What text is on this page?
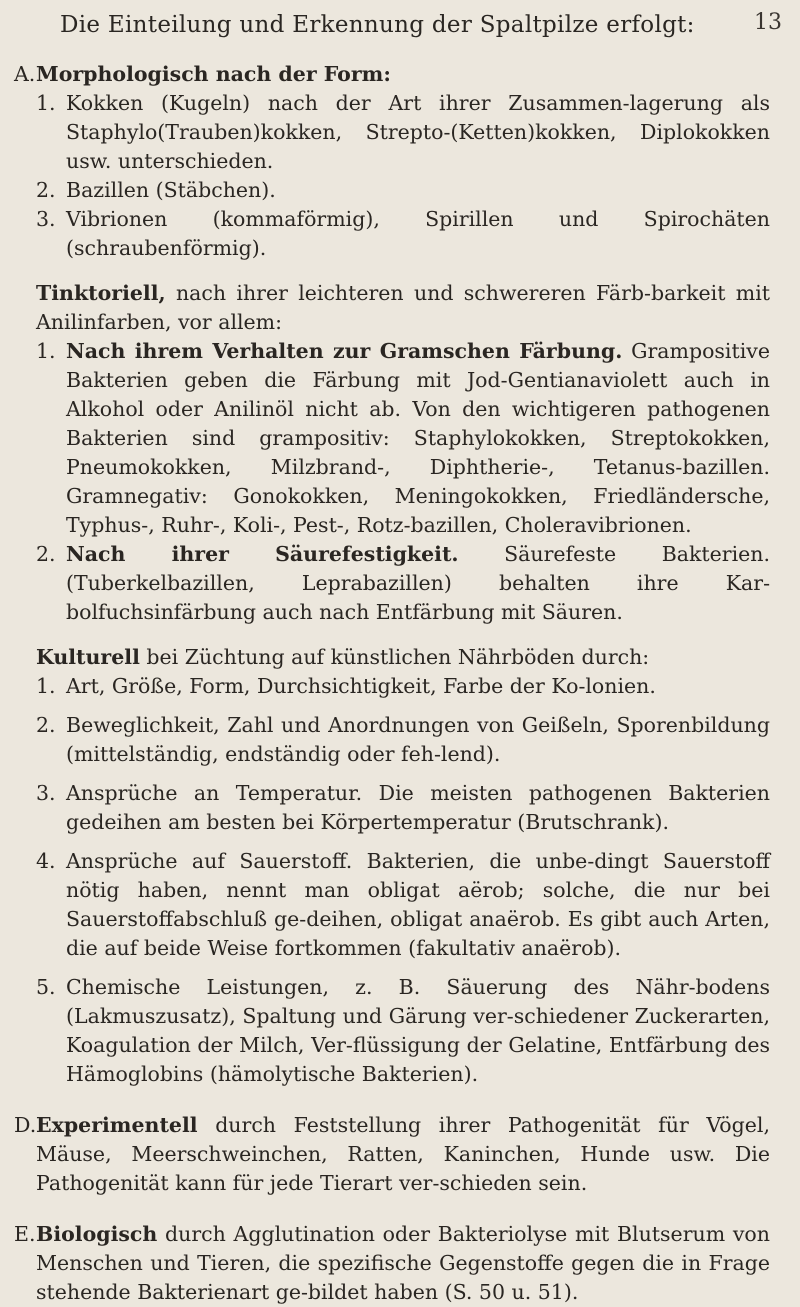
13
Die Einteilung und Erkennung der Spaltpilze erfolgt:
A. Morphologisch nach der Form:

1. Kokken (Kugeln) nach der Art ihrer Zusammen-lagerung als Staphylo(Trauben)kokken, Strepto-(Ketten)kokken, Diplokokken usw. unterschieden.

2. Bazillen (Stäbchen).

3. Vibrionen (kommaförmig), Spirillen und Spirochäten (schraubenförmig).

Tinktoriell, nach ihrer leichteren und schwereren Färb-barkeit mit Anilinfarben, vor allem:

1. Nach ihrem Verhalten zur Gramschen Färbung. Grampositive Bakterien geben die Färbung mit Jod-Gentianaviolett auch in Alkohol oder Anilinöl nicht ab. Von den wichtigeren pathogenen Bakterien sind grampositiv: Staphylokokken, Streptokokken, Pneumokokken, Milzbrand-, Diphtherie-, Tetanus-bazillen. Gramnegativ: Gonokokken, Meningokokken, Friedländersche, Typhus-, Ruhr-, Koli-, Pest-, Rotz-bazillen, Choleravibrionen.

2. Nach ihrer Säurefestigkeit. Säurefeste Bakterien. (Tuberkelbazillen, Leprabazillen) behalten ihre Kar-bolfuchsinfärbung auch nach Entfärbung mit Säuren.

Kulturell bei Züchtung auf künstlichen Nährböden durch:

1. Art, Größe, Form, Durchsichtigkeit, Farbe der Ko-lonien.

2. Beweglichkeit, Zahl und Anordnungen von Geißeln, Sporenbildung (mittelständig, endständig oder feh-lend).

3. Ansprüche an Temperatur. Die meisten pathogenen Bakterien gedeihen am besten bei Körpertemperatur (Brutschrank).

4. Ansprüche auf Sauerstoff. Bakterien, die unbe-dingt Sauerstoff nötig haben, nennt man obligat aërob; solche, die nur bei Sauerstoffabschluß ge-deihen, obligat anaërob. Es gibt auch Arten, die auf beide Weise fortkommen (fakultativ anaërob).

5. Chemische Leistungen, z. B. Säuerung des Nähr-bodens (Lakmuszusatz), Spaltung und Gärung ver-schiedener Zuckerarten, Koagulation der Milch, Ver-flüssigung der Gelatine, Entfärbung des Hämoglobins (hämolytische Bakterien).

D. Experimentell durch Feststellung ihrer Pathogenität für Vögel, Mäuse, Meerschweinchen, Ratten, Kaninchen, Hunde usw. Die Pathogenität kann für jede Tierart ver-schieden sein.

E. Biologisch durch Agglutination oder Bakteriolyse mit Blutserum von Menschen und Tieren, die spezifische Gegenstoffe gegen die in Frage stehende Bakterienart ge-bildet haben (S. 50 u. 51).
